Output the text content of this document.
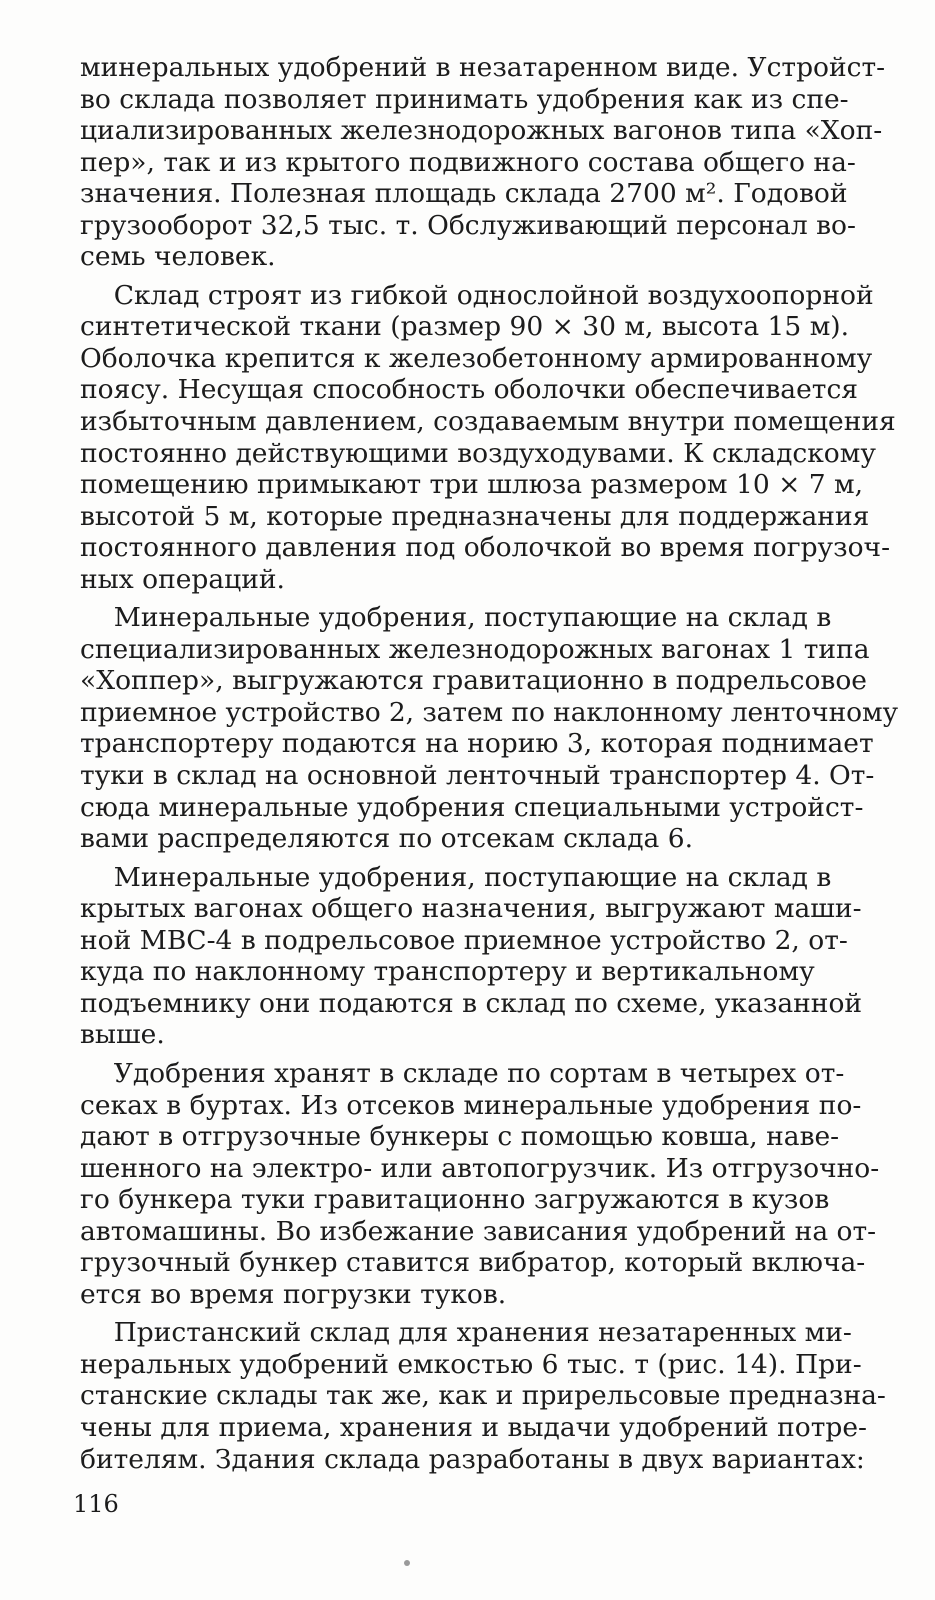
минеральных удобрений в незатаренном виде. Устройст-
во склада позволяет принимать удобрения как из спе-
циализированных железнодорожных вагонов типа «Хоп-
пер», так и из крытого подвижного состава общего на-
значения. Полезная площадь склада 2700 м². Годовой
грузооборот 32,5 тыс. т. Обслуживающий персонал во-
семь человек.
Склад строят из гибкой однослойной воздухоопорной
синтетической ткани (размер 90 × 30 м, высота 15 м).
Оболочка крепится к железобетонному армированному
поясу. Несущая способность оболочки обеспечивается
избыточным давлением, создаваемым внутри помещения
постоянно действующими воздуходувами. К складскому
помещению примыкают три шлюза размером 10 × 7 м,
высотой 5 м, которые предназначены для поддержания
постоянного давления под оболочкой во время погрузоч-
ных операций.
Минеральные удобрения, поступающие на склад в
специализированных железнодорожных вагонах 1 типа
«Хоппер», выгружаются гравитационно в подрельсовое
приемное устройство 2, затем по наклонному ленточному
транспортеру подаются на норию 3, которая поднимает
туки в склад на основной ленточный транспортер 4. От-
сюда минеральные удобрения специальными устройст-
вами распределяются по отсекам склада 6.
Минеральные удобрения, поступающие на склад в
крытых вагонах общего назначения, выгружают маши-
ной МВС-4 в подрельсовое приемное устройство 2, от-
куда по наклонному транспортеру и вертикальному
подъемнику они подаются в склад по схеме, указанной
выше.
Удобрения хранят в складе по сортам в четырех от-
секах в буртах. Из отсеков минеральные удобрения по-
дают в отгрузочные бункеры с помощью ковша, наве-
шенного на электро- или автопогрузчик. Из отгрузочно-
го бункера туки гравитационно загружаются в кузов
автомашины. Во избежание зависания удобрений на от-
грузочный бункер ставится вибратор, который включа-
ется во время погрузки туков.
Пристанский склад для хранения незатаренных ми-
неральных удобрений емкостью 6 тыс. т (рис. 14). При-
станские склады так же, как и прирельсовые предназна-
чены для приема, хранения и выдачи удобрений потре-
бителям. Здания склада разработаны в двух вариантах:
116
